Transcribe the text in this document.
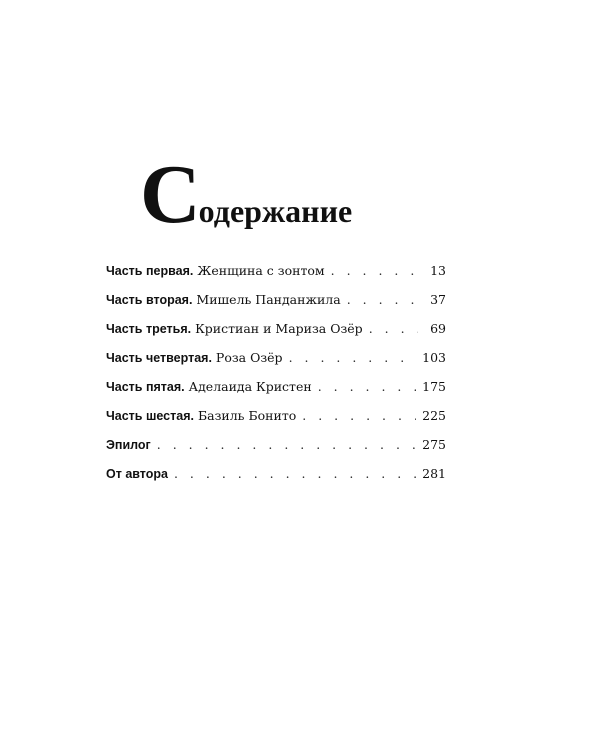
Содержание
Часть первая. Женщина с зонтом . . .	13
Часть вторая. Мишель Панданжила . . .	37
Часть третья. Кристиан и Мариза Озёр . . .	69
Часть четвертая. Роза Озёр . . .	103
Часть пятая. Аделаида Кристен . . .	175
Часть шестая. Базиль Бонито . . .	225
Эпилог . . .	275
От автора . . .	281
